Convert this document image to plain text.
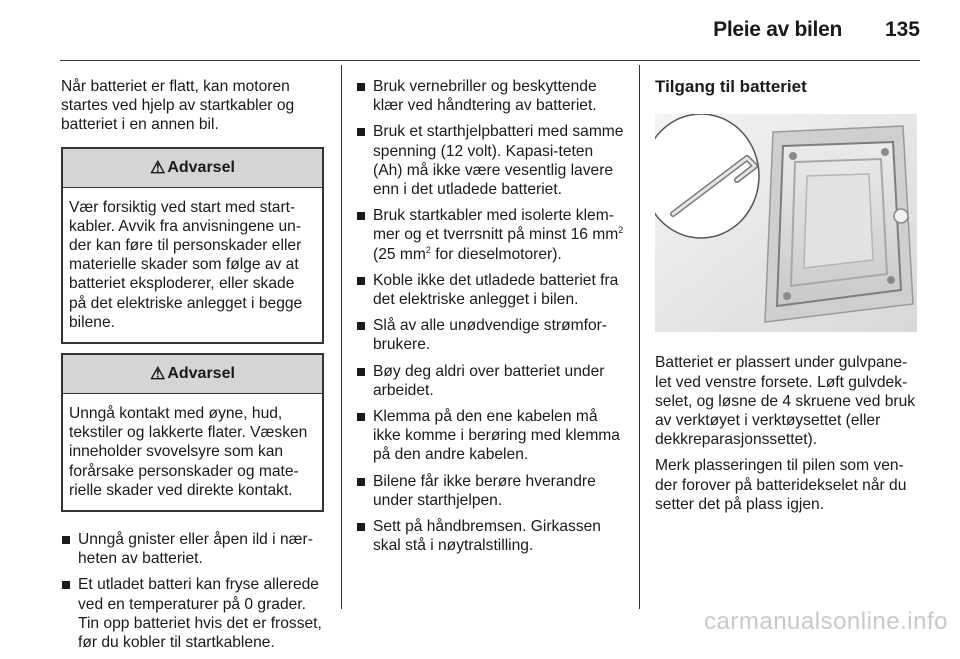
Pleie av bilen 135

Når batteriet er flatt, kan motoren startes ved hjelp av startkabler og batteriet i en annen bil.

⚠ Advarsel
Vær forsiktig ved start med start-kabler. Avvik fra anvisningene un-der kan føre til personskader eller materielle skader som følge av at batteriet eksploderer, eller skade på det elektriske anlegget i begge bilene.
⚠ Advarsel
Unngå kontakt med øyne, hud, tekstiler og lakkerte flater. Væsken inneholder svovelsyre som kan forårsake personskader og mate-rielle skader ved direkte kontakt.
Unngå gnister eller åpen ild i nær-heten av batteriet.
Et utladet batteri kan fryse allerede ved en temperaturer på 0 grader. Tin opp batteriet hvis det er frosset, før du kobler til startkablene.
Bruk vernebriller og beskyttende klær ved håndtering av batteriet.
Bruk et starthjelpbatteri med samme spenning (12 volt). Kapasi-teten (Ah) må ikke være vesentlig lavere enn i det utladede batteriet.
Bruk startkabler med isolerte klem-mer og et tverrsnitt på minst 16 $mm^2$ (25 $mm^2$ for dieselmotorer).
Koble ikke det utladede batteriet fra det elektriske anlegget i bilen.
Slå av alle unødvendige strømfor-brukere.
Bøy deg aldri over batteriet under arbeidet.
Klemma på den ene kabelen må ikke komme i berøring med klemma på den andre kabelen.
Bilene får ikke berøre hverandre under starthjelpen.
Sett på håndbremsen. Girkassen skal stå i nøytralstilling.
Tilgang til batteriet

Batteriet er plassert under gulvpane-let ved venstre forsete. Løft gulvdek-selet, og løsne de 4 skruene ved bruk av verktøyet i verktøysettet (eller dekkreparasjonssettet).

Merk plasseringen til pilen som ven-der forover på batteridekselet når du setter det på plass igjen.

carmanualsonline.info
